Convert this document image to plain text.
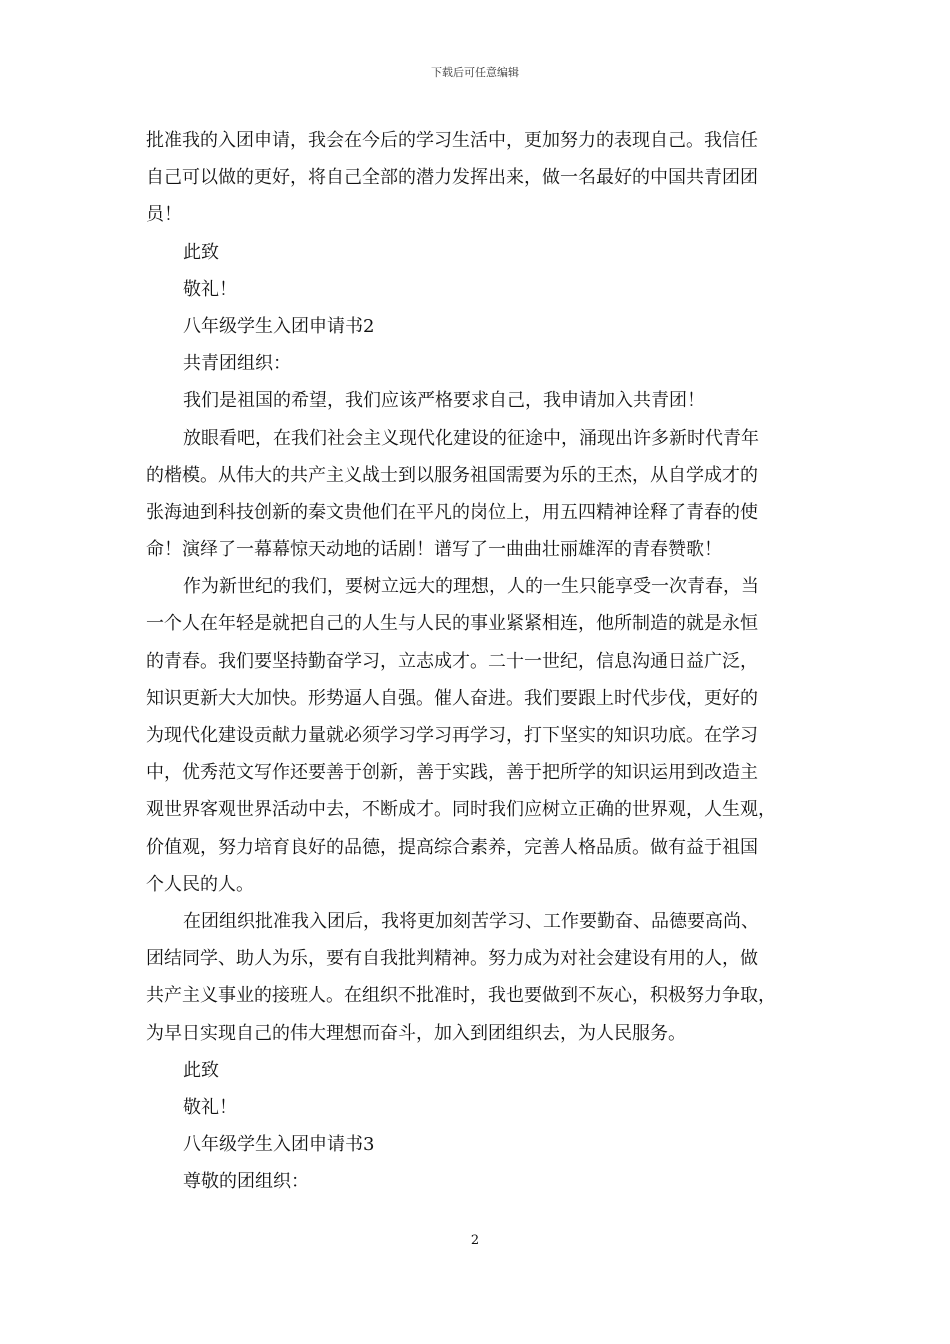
下载后可任意编辑
批准我的入团申请，我会在今后的学习生活中，更加努力的表现自己。我信任
自己可以做的更好，将自己全部的潜力发挥出来，做一名最好的中国共青团团
员！
此致
敬礼！
八年级学生入团申请书2
共青团组织：
我们是祖国的希望，我们应该严格要求自己，我申请加入共青团！
放眼看吧，在我们社会主义现代化建设的征途中，涌现出许多新时代青年
的楷模。从伟大的共产主义战士到以服务祖国需要为乐的王杰，从自学成才的
张海迪到科技创新的秦文贵他们在平凡的岗位上，用五四精神诠释了青春的使
命！演绎了一幕幕惊天动地的话剧！谱写了一曲曲壮丽雄浑的青春赞歌！
作为新世纪的我们，要树立远大的理想，人的一生只能享受一次青春，当
一个人在年轻是就把自己的人生与人民的事业紧紧相连，他所制造的就是永恒
的青春。我们要坚持勤奋学习，立志成才。二十一世纪，信息沟通日益广泛，
知识更新大大加快。形势逼人自强。催人奋进。我们要跟上时代步伐，更好的
为现代化建设贡献力量就必须学习学习再学习，打下坚实的知识功底。在学习
中，优秀范文写作还要善于创新，善于实践，善于把所学的知识运用到改造主
观世界客观世界活动中去，不断成才。同时我们应树立正确的世界观，人生观，
价值观，努力培育良好的品德，提高综合素养，完善人格品质。做有益于祖国
个人民的人。
在团组织批准我入团后，我将更加刻苦学习、工作要勤奋、品德要高尚、
团结同学、助人为乐，要有自我批判精神。努力成为对社会建设有用的人，做
共产主义事业的接班人。在组织不批准时，我也要做到不灰心，积极努力争取，
为早日实现自己的伟大理想而奋斗，加入到团组织去，为人民服务。
此致
敬礼！
八年级学生入团申请书3
尊敬的团组织：
2
